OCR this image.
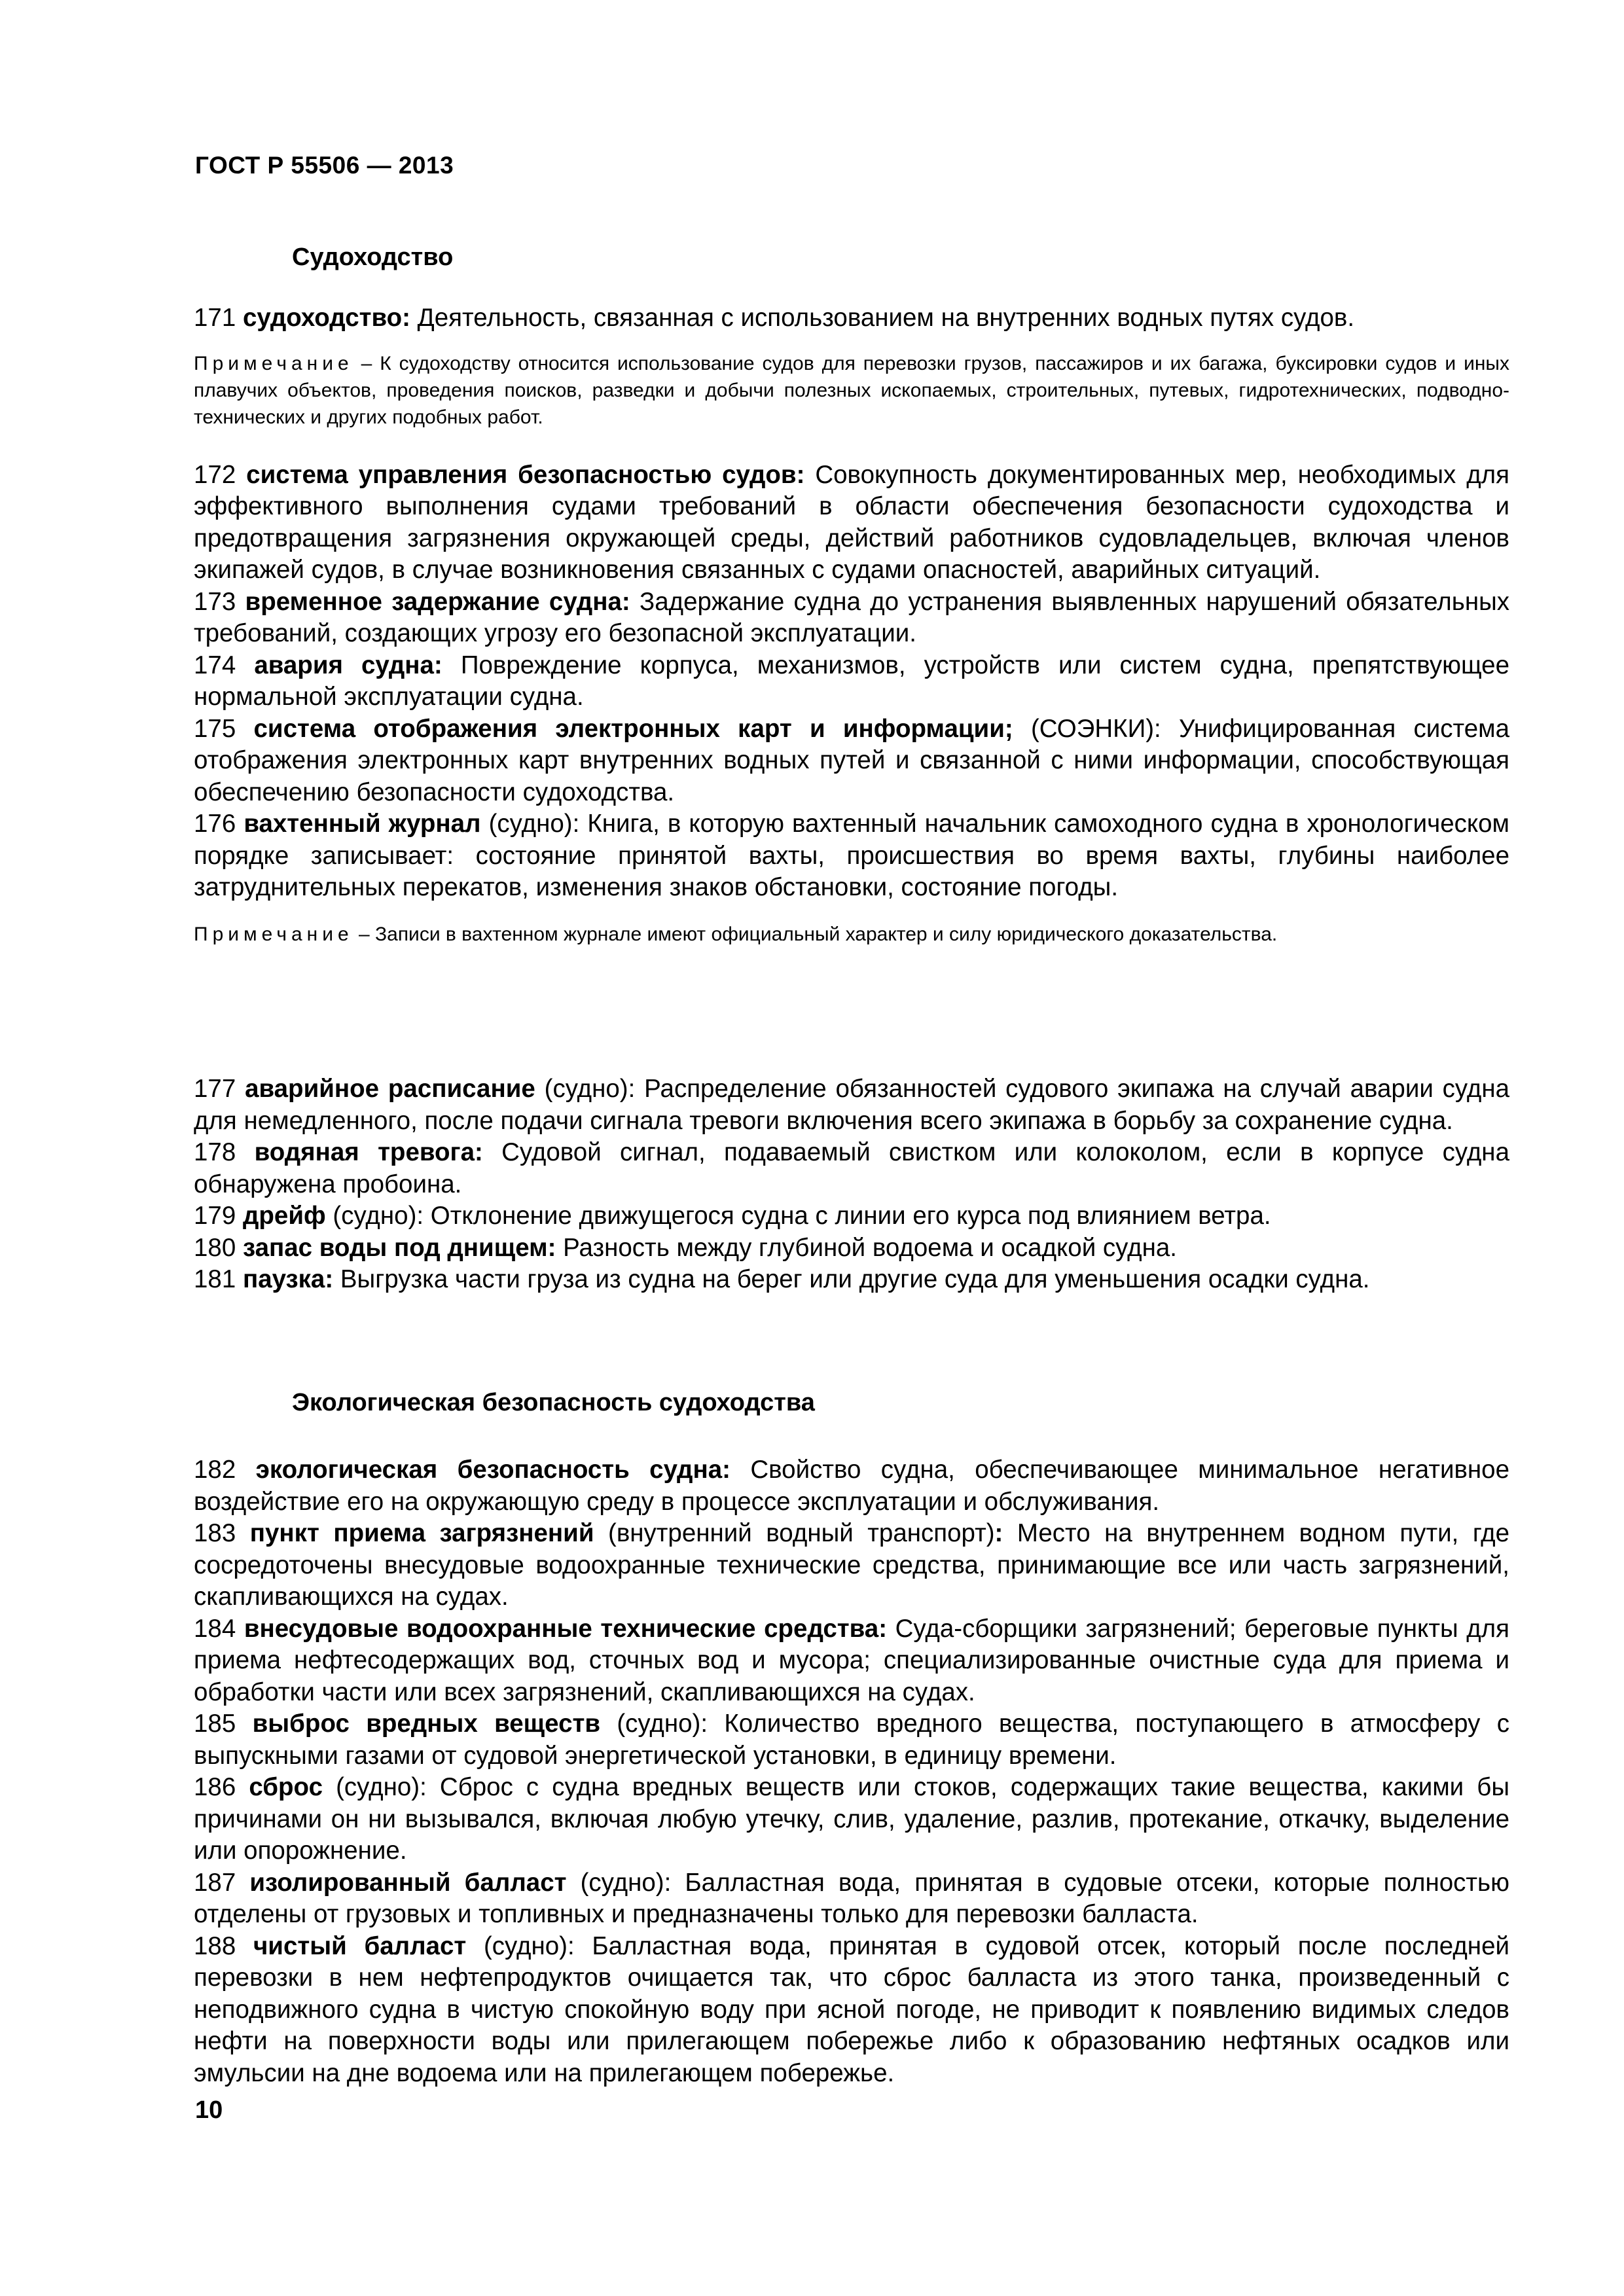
ГОСТ Р 55506 — 2013
Судоходство

171 судоходство: Деятельность, связанная с использованием на внутренних водных путях судов.

Примечание – К судоходству относится использование судов для перевозки грузов, пассажиров и их багажа, буксировки судов и иных плавучих объектов, проведения поисков, разведки и добычи полезных ископаемых, строительных, путевых, гидротехнических, подводно-технических и других подобных работ.

172 система управления безопасностью судов: Совокупность документированных мер, необходимых для эффективного выполнения судами требований в области обеспечения безопасности судоходства и предотвращения загрязнения окружающей среды, действий работников судовладельцев, включая членов экипажей судов, в случае возникновения связанных с судами опасностей, аварийных ситуаций.

173 временное задержание судна: Задержание судна до устранения выявленных нарушений обязательных требований, создающих угрозу его безопасной эксплуатации.

174 авария судна: Повреждение корпуса, механизмов, устройств или систем судна, препятствующее нормальной эксплуатации судна.

175 система отображения электронных карт и информации; (СОЭНКИ): Унифицированная система отображения электронных карт внутренних водных путей и связанной с ними информации, способствующая обеспечению безопасности судоходства.

176 вахтенный журнал (судно): Книга, в которую вахтенный начальник самоходного судна в хронологическом порядке записывает: состояние принятой вахты, происшествия во время вахты, глубины наиболее затруднительных перекатов, изменения знаков обстановки, состояние погоды.

Примечание – Записи в вахтенном журнале имеют официальный характер и силу юридического доказательства.

177 аварийное расписание (судно): Распределение обязанностей судового экипажа на случай аварии судна для немедленного, после подачи сигнала тревоги включения всего экипажа в борьбу за сохранение судна.

178 водяная тревога: Судовой сигнал, подаваемый свистком или колоколом, если в корпусе судна обнаружена пробоина.

179 дрейф (судно): Отклонение движущегося судна с линии его курса под влиянием ветра.

180 запас воды под днищем: Разность между глубиной водоема и осадкой судна.

181 паузка: Выгрузка части груза из судна на берег или другие суда для уменьшения осадки судна.

Экологическая безопасность судоходства

182 экологическая безопасность судна: Свойство судна, обеспечивающее минимальное негативное воздействие его на окружающую среду в процессе эксплуатации и обслуживания.

183 пункт приема загрязнений (внутренний водный транспорт): Место на внутреннем водном пути, где сосредоточены внесудовые водоохранные технические средства, принимающие все или часть загрязнений, скапливающихся на судах.

184 внесудовые водоохранные технические средства: Суда-сборщики загрязнений; береговые пункты для приема нефтесодержащих вод, сточных вод и мусора; специализированные очистные суда для приема и обработки части или всех загрязнений, скапливающихся на судах.

185 выброс вредных веществ (судно): Количество вредного вещества, поступающего в атмосферу с выпускными газами от судовой энергетической установки, в единицу времени.

186 сброс (судно): Сброс с судна вредных веществ или стоков, содержащих такие вещества, какими бы причинами он ни вызывался, включая любую утечку, слив, удаление, разлив, протекание, откачку, выделение или опорожнение.

187 изолированный балласт (судно): Балластная вода, принятая в судовые отсеки, которые полностью отделены от грузовых и топливных и предназначены только для перевозки балласта.

188 чистый балласт (судно): Балластная вода, принятая в судовой отсек, который после последней перевозки в нем нефтепродуктов очищается так, что сброс балласта из этого танка, произведенный с неподвижного судна в чистую спокойную воду при ясной погоде, не приводит к появлению видимых следов нефти на поверхности воды или прилегающем побережье либо к образованию нефтяных осадков или эмульсии на дне водоема или на прилегающем побережье.

10
